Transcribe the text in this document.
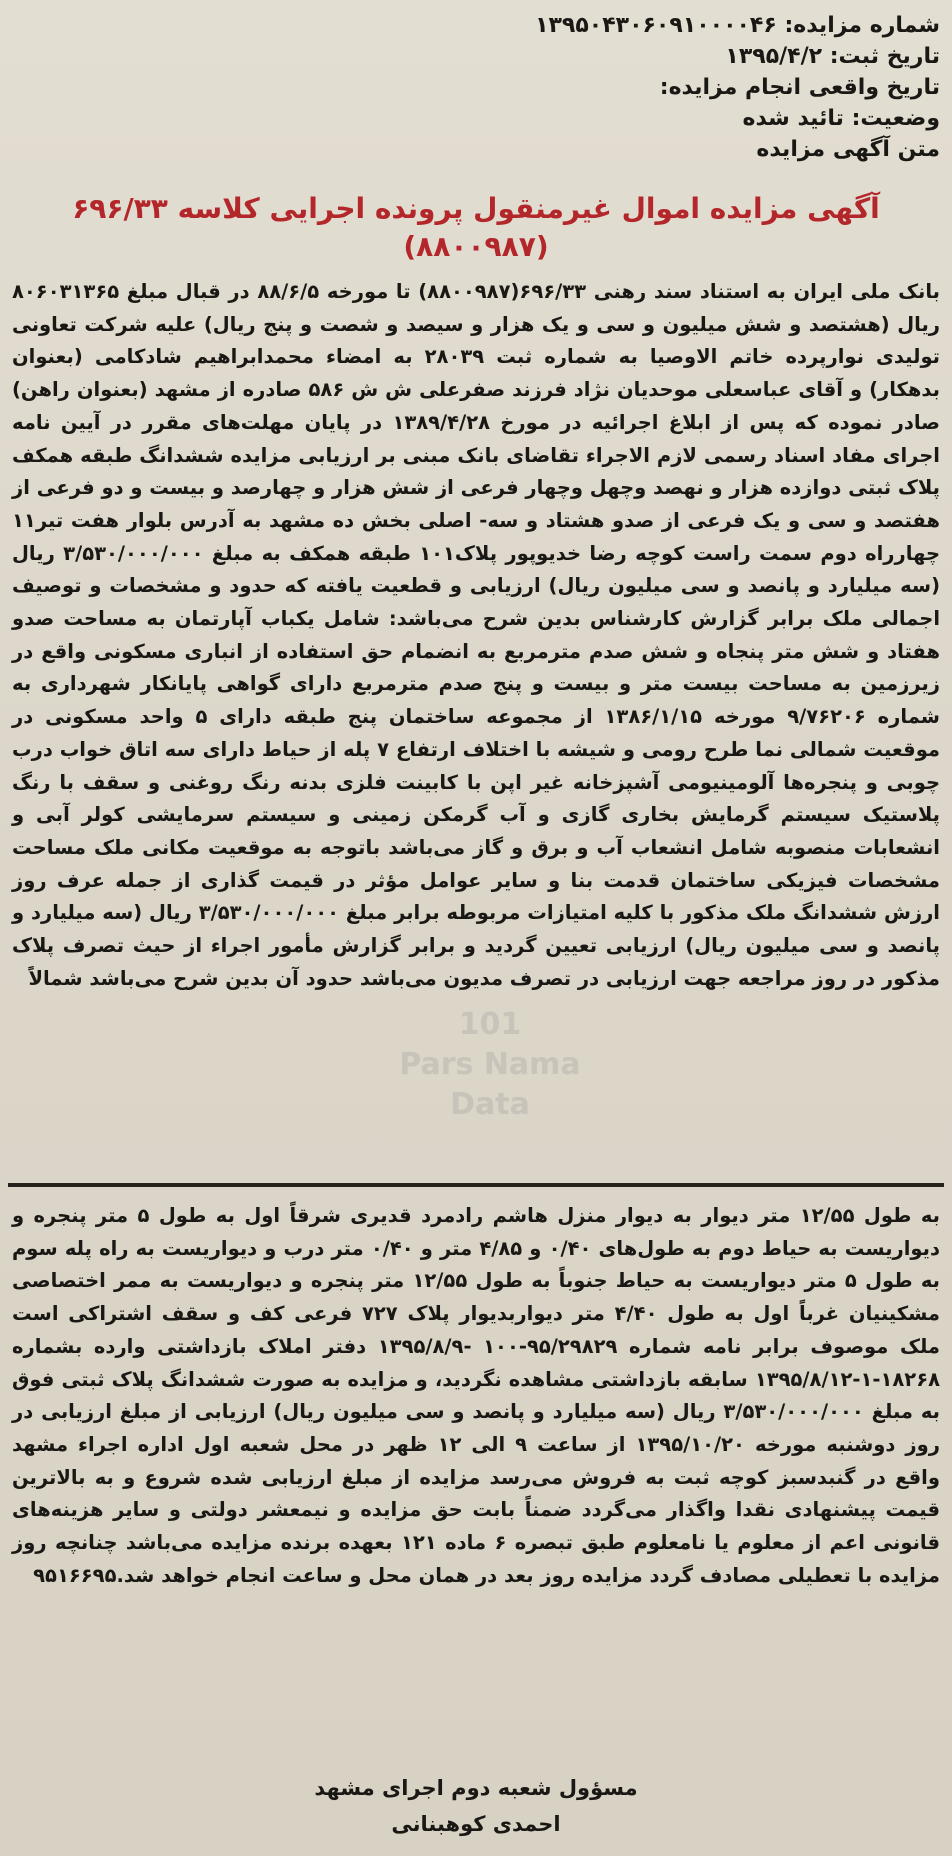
شماره مزایده: ۱۳۹۵۰۴۳۰۶۰۹۱۰۰۰۰۴۶
تاریخ ثبت: ۱۳۹۵/۴/۲
تاریخ واقعی انجام مزایده:
وضعیت: تائید شده
متن آگهی مزایده
آگهی مزایده اموال غیرمنقول پرونده اجرایی کلاسه ۶۹۶/۳۳
(۸۸۰۰۹۸۷)
بانک ملی ایران به استناد سند رهنی ۶۹۶/۳۳(۸۸۰۰۹۸۷) تا مورخه ۸۸/۶/۵ در قبال مبلغ ۸۰۶۰۳۱۳۶۵ ریال (هشتصد و شش میلیون و سی و یک هزار و سیصد و شصت و پنج ریال) علیه شرکت تعاونی تولیدی نوارپرده خاتم الاوصیا به شماره ثبت ۲۸۰۳۹ به امضاء محمدابراهیم شادکامی (بعنوان بدهکار) و آقای عباسعلی موحدیان نژاد فرزند صفرعلی ش ش ۵۸۶ صادره از مشهد (بعنوان راهن) صادر نموده که پس از ابلاغ اجرائیه در مورخ ۱۳۸۹/۴/۲۸ در پایان مهلت‌های مقرر در آیین نامه اجرای مفاد اسناد رسمی لازم الاجراء تقاضای بانک مبنی بر ارزیابی مزایده ششدانگ طبقه همکف پلاک ثبتی دوازده هزار و نهصد وچهل وچهار فرعی از شش هزار و چهارصد و بیست و دو فرعی از هفتصد و سی و یک فرعی از صدو هشتاد و سه- اصلی بخش ده مشهد به آدرس بلوار هفت تیر۱۱ چهارراه دوم سمت راست کوچه رضا خدیوپور پلاک۱۰۱ طبقه همکف به مبلغ ۳/۵۳۰/۰۰۰/۰۰۰ ریال (سه میلیارد و پانصد و سی میلیون ریال) ارزیابی و قطعیت یافته که حدود و مشخصات و توصیف اجمالی ملک برابر گزارش کارشناس بدین شرح می‌باشد: شامل یکباب آپارتمان به مساحت صدو هفتاد و شش متر پنجاه و شش صدم مترمربع به انضمام حق استفاده از انباری مسکونی واقع در زیرزمین به مساحت بیست متر و بیست و پنج صدم مترمربع دارای گواهی پایانکار شهرداری به شماره ۹/۷۶۲۰۶ مورخه ۱۳۸۶/۱/۱۵ از مجموعه ساختمان پنج طبقه دارای ۵ واحد مسکونی در موقعیت شمالی نما طرح رومی و شیشه با اختلاف ارتفاع ۷ پله از حیاط دارای سه اتاق خواب درب چوبی و پنجره‌ها آلومینیومی آشپزخانه غیر اپن با کابینت فلزی بدنه رنگ روغنی و سقف با رنگ پلاستیک سیستم گرمایش بخاری گازی و آب گرمکن زمینی و سیستم سرمایشی کولر آبی و انشعابات منصوبه شامل انشعاب آب و برق و گاز می‌باشد باتوجه به موقعیت مکانی ملک مساحت مشخصات فیزیکی ساختمان قدمت بنا و سایر عوامل مؤثر در قیمت گذاری از جمله عرف روز ارزش ششدانگ ملک مذکور با کلیه امتیازات مربوطه برابر مبلغ ۳/۵۳۰/۰۰۰/۰۰۰ ریال (سه میلیارد و پانصد و سی میلیون ریال) ارزیابی تعیین گردید و برابر گزارش مأمور اجراء از حیث تصرف پلاک مذکور در روز مراجعه جهت ارزیابی در تصرف مدیون می‌باشد حدود آن بدین شرح می‌باشد شمالاً
101
Pars Nama Data
به طول ۱۲/۵۵ متر دیوار به دیوار منزل هاشم رادمرد قدیری شرقاً اول به طول ۵ متر پنجره و دیواریست به حیاط دوم به طول‌های ۰/۴۰ و ۴/۸۵ متر و ۰/۴۰ متر درب و دیواریست به راه پله سوم به طول ۵ متر دیواریست به حیاط جنوباً به طول ۱۲/۵۵ متر پنجره و دیواریست به ممر اختصاصی مشکینیان غرباً اول به طول ۴/۴۰ متر دیواربدیوار پلاک ۷۲۷ فرعی کف و سقف اشتراکی است ملک موصوف برابر نامه شماره ۹۵/۲۹۸۲۹-۱۰۰ -۱۳۹۵/۸/۹ دفتر املاک بازداشتی وارده بشماره ۱۸۲۶۸-۱-۱۳۹۵/۸/۱۲ سابقه بازداشتی مشاهده نگردید، و مزایده به صورت ششدانگ پلاک ثبتی فوق به مبلغ ۳/۵۳۰/۰۰۰/۰۰۰ ریال (سه میلیارد و پانصد و سی میلیون ریال) ارزیابی از مبلغ ارزیابی در روز دوشنبه مورخه ۱۳۹۵/۱۰/۲۰ از ساعت ۹ الی ۱۲ ظهر در محل شعبه اول اداره اجراء مشهد واقع در گنبدسبز کوچه ثبت به فروش می‌رسد مزایده از مبلغ ارزیابی شده شروع و به بالاترین قیمت پیشنهادی نقدا واگذار می‌گردد ضمناً بابت حق مزایده و نیمعشر دولتی و سایر هزینه‌های قانونی اعم از معلوم یا نامعلوم طبق تبصره ۶ ماده ۱۲۱ بعهده برنده مزایده می‌باشد چنانچه روز مزایده با تعطیلی مصادف گردد مزایده روز بعد در همان محل و ساعت انجام خواهد شد.۹۵۱۶۶۹۵
مسؤول شعبه دوم اجرای مشهد
احمدی کوهبنانی
